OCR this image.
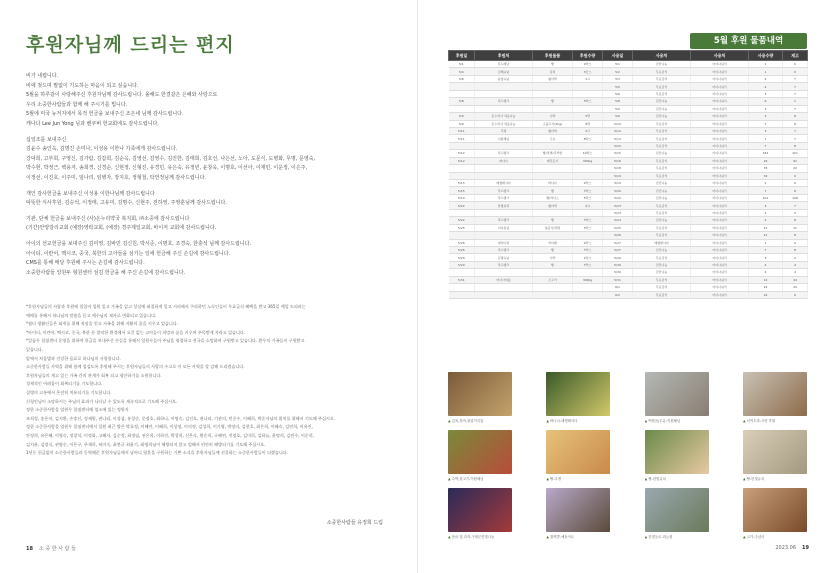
후원자님께 드리는 편지

비가 내립니다.

비에 젖드며 말없이 기도하는 마음이 되고 싶습니다.

5월을 하루같이 사랑해주신 후원자님께 감사드립니다. 올해도 한결같은 은혜와 사랑으로

우리 소중한사람들과 함께 해 주시기를 빕니다.

5월에 미국 뉴저지에서 목적 헌금을 보내주신 조은네 님께 감사드립니다.

캐나다 Lee Jun Yong 님과 벤쿠버 헌교회에도 감사드립니다.

십일조를 보내주신

김윤수 송인옥, 김명진 손미나, 이성용 이한나 가족에게 감사드립니다.

강덕희, 고부희, 구영신, 김가람, 김갑희, 김순옥, 김영선, 김영수, 김진한, 김태희, 김호선, 나은선, 노아, 도문식, 도병화, 무명, 문영숙,

박수현, 박정근, 백용자, 송희경, 신경순, 신현정, 신형진, 유경민, 유은숙, 유정빈, 윤창욱, 이명호, 이선아, 이재민, 이운정, 이은주,

이정선, 이진호, 이주미, 임나리, 임병자, 장지호, 정형철, 탁연정님께 감사드립니다.

개인 감사헌금을 보내주신 이성용 이한나님께 감사드립니다

따뜻한 식사후원, 김승석, 이정태, 고유미, 김명수, 신현주, 전하영, 주영훈님께 감사드립니다.

기관, 단체 헌금을 보내주신 (사)온누리약국 복지회, ㈜소중에 감사드립니다

(기간)안양감리교회 (예장)영락교회, (예장) 경주제일교회, 바이저 교회에 감사드립니다.

아이의 선교헌금을 보내주신 김미영, 김바민 김신원, 박서준, 이명호, 조경숙, 한충석 님께 감사드립니다.

아이티, 이란어, 멕시코, 중국, 북한의 고아들을 섬기는 일에 헌금해 주신 손길에 감사드립니다.

CMS를 통해 매달 후원해 주시는 손길에 감사드립니다.

소중한사람들 앙원두 형원센터 섬김 헌금을 해 주신 손길에 감사드립니다.

*후원자님들의 사랑과 후원에 힘입어 입원 일고 가족을 잃고 상실에 좌절하게 일고 거리에서 쿠리하던 노숙인들이 무료급식 혜택을 받고 365일 예일 드리라는

예배를 통해서 하나님의 말씀을 듣고 예수님의 제자로 변화되고 있습니다.

*쉼터 생활인들은 회개를 위해 직장을 얻고 자족을 위해 자활의 꿈을 키우고 있습니다.

*아이티, 이란어, 멕시코, 중국, 북한 등 열악한 환경에서 오갈 없는 고아들이 희망과 꿈을 키우며 주목받게 자라고 있습니다.

*얼꿈무 할점센터 운영을 위하여 헌금을 보내주신 손길을 통해서 엄원무들이 주님을 영접하고 전국을 소망하며 구원받고 있습니다. 환우의 가족들이 구원받고

있습니다.

앞에서 처음밥과 건강한 음료로 하나님의 사랑합니다.

소중한사람들 사역을 위해 함께 섬김도록 후원해 주시는 후원자님들의 사랑의 수고로 이 모든 사역을 할 감해 드리겠습니다.

후원자님들의 계고 있는 가족 간의 관계가 회복 되고 평안하기를 소원합니다.

경제적인 어려움이 회복되기를 기도합니다.

질병의 고통에서 온전히 치유되기를 기도합니다.

신청인님이 소망하시는 주님의 효과가 나타날 수 있도록 계속적으로 기도해 주십시오.

정한 소중한사람을 엄원무 할점센터에 엄소에 있는 정원자

조직성, 송은미, 김지환, 손송선, 정재원, 권나리, 이성삼, 유창순, 문정호, 최하나, 이명숙, 김진호, 권나리, 기관의, 민중수, 이혜희, 박준자님의 위치를 위해서 기도해 주십시오.

정한 소중한사람을 엄원무 할점센터에서 입원 최근 방은 박호정, 이혜란, 이혜희, 이성정, 이의정, 김성희, 이기영, 박정미, 김현호, 최은희, 이혜숙, 김연희, 이유진,

안정희, 유은혜, 이영숙, 정창석, 이정화, 고혜자, 김순정, 최정임, 권은희, 이하진, 박창희, 신은숙, 황순희, 구혜연, 전정호, 김미희, 김하늘, 윤명희, 김민수, 이순희,

김지윤, 김정식, 권양순, 이은구, 주재희, 허미숙, 최봉균 최윤기, 최영희님이 해방되지 않고 엄혜서 편안히 해방되기를 기도해 주십시오.

1년동 헌금없이 소중한사람들과 동역해준 후원자님들께서 남아디 영혼을 구원하는 기쁜 소식을 후원자님들께 선물하는 소중한사람들이 되겠습니다.

소중한사람들 유정희 드림
18 소 중 한 사 람 들
5월 후원 물품내역
후원일	후원처	후원물품	후원수량	사용일	사용처	사용처	사용수량	재고
5/1	후드배낭	빵	2박스	5/1	진단나눔	아이나눠식	1	0
5/4	김해숙님	김치	3단스	5/2	무료급식	아이나눠식	1	0
5/8	윤창숙님	형아떡	3고	5/3	무료급식	아이나눠식	4	7
				5/5	무료급식	아이나눠식	4	7
				5/6	무료급식	아이나눠식	3	7
5/8	푸드뱅크	빵	3박스	5/8	진단나눔	아이나눠식	6	1
				5/9	진단나눔	아이나눠식	3	7
5/9	온누리사 처음나눔	수박	3망	5/9	진단나눔	아이나눠식	3	8
5/9	온누리사 처음나눔	소불고기(5kg)	9박	5/10	무료급식	아이나눠식	7	8
5/11	무명	형아떡	3고	5/12	무료급식	아이나눠식	3	7
5/11	이원혜님	두유	8박스	5/13	무료급식	아이나눠식	7	7
				5/15	무료급식	아이나눠식	7	8
5/12	푸드뱅크	빵/라면/즉석밥	10박스	5/15	진단나눔	아이나눠식	181	101
5/12	바나나	매직포기	300kg	5/16	무료급식	아이나눠식	24	91
				5/18	무료급식	아이나눠식	33	22
				5/19	무료급식	아이나눠식	32	9
5/15	매생태사다	바나나	2박스	5/19	진단나눔	아이나눠식	1	0
5/15	푸드뱅크	빵	7박스	5/20	진단나눔	아이나눠식	7	8
5/19	푸드뱅크	빵/라이스	5박스	5/22	진단나눔	아이나눠식	101	108
5/22	한빛유치	형아떡	3고	5/23	무료급식	아이나눠식	3	7
				5/23	무료급식	아이나눠식	2	3
5/22	푸드뱅크	빵	7박스	5/24	진단나눔	아이나눠식	4	8
5/25	이성용님	칠공기/라면	3박스	5/25	무료급식	아이나눠식	21	21
				5/26	무료급식	아이나눠식	21	8
5/26	예석아과	라이레	2박스	5/27	매생태사다	아이나눠식	1	0
5/26	푸드뱅크	빵	7박스	5/27	진단나눔	아이나눠식	7	8
5/29	김명숙님	수박	1박스	5/29	무료급식	아이나눠식	3	0
5/29	푸드뱅크	빵	7박스	5/30	진단나눔	아이나눠식	4	4
				5/30	진단나눔	아이나눠식	4	4
5/31	아나사외를	소고기	300kg	5/31	무료급식	아이나눠식	14	44
				6/1	무료급식	아이나눠식	24	24
				6/2	무료급식	아이나눠식	24	6
▲ 김치,장아,취업이지업	▲ 바나나-매생태사다	▲ 떡볶음/두유-이원혜님	▲ 서이도과-국양 후원
▲ 수박,불고기-이원혜님	▲ 빵-무명	▲ 빵-한빛유치	▲ 빵-한빛유치
▲ 음료 및 과자-구세군한빛나눔	▲ 칠맥콤-예동사도	▲ 한빛등로-라논힘	▲ 고가-주님사
2023.06 19
